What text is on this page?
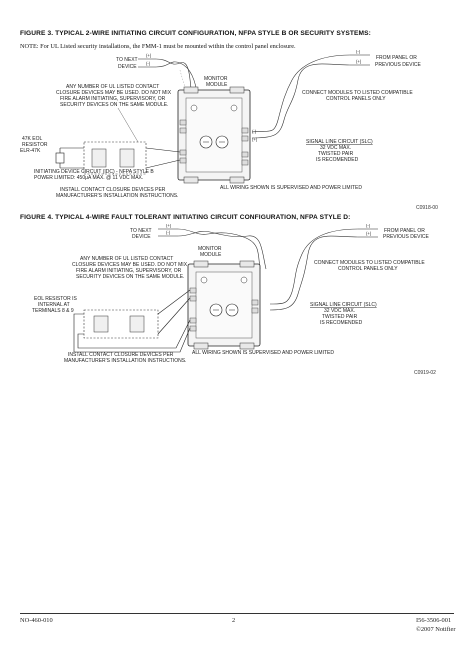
FIGURE 3. TYPICAL 2-WIRE INITIATING CIRCUIT CONFIGURATION, NFPA STYLE B OR SECURITY SYSTEMS:
NOTE: For UL Listed security installations, the FMM-1 must be mounted within the control panel enclosure.
(+)
(-)
TO NEXT
DEVICE
(-)
(+)
FROM PANEL OR
PREVIOUS DEVICE
(-)
(+)
MONITOR
MODULE
47K EOL
RESISTOR
ELR-47K
ANY NUMBER OF UL LISTED CONTACT
CLOSURE DEVICES MAY BE USED. DO NOT MIX
FIRE ALARM INITIATING, SUPERVISORY, OR
SECURITY DEVICES ON THE SAME MODULE.
INITIATING DEVICE CIRCUIT (IDC) - NFPA STYLE B
POWER LIMITED: 450μA MAX. @ 11 VDC MAX.
INSTALL CONTACT CLOSURE DEVICES PER
MANUFACTURER'S INSTALLATION INSTRUCTIONS.
CONNECT MODULES TO LISTED COMPATIBLE
CONTROL PANELS ONLY
SIGNAL LINE CIRCUIT (SLC)
32 VDC MAX.
TWISTED PAIR
IS RECOMENDED
ALL WIRING SHOWN IS SUPERVISED AND POWER LIMITED
C0918-00
FIGURE 4. TYPICAL 4-WIRE FAULT TOLERANT INITIATING CIRCUIT CONFIGURATION, NFPA STYLE D:
(+)
(-)
TO NEXT
DEVICE
(-)
(+)	FROM PANEL OR
PREVIOUS DEVICE
MONITOR
MODULE
EOL RESISTOR IS
INTERNAL AT
TERMINALS 8 & 9
ANY NUMBER OF UL LISTED CONTACT
CLOSURE DEVICES MAY BE USED. DO NOT MIX
FIRE ALARM INITIATING, SUPERVISORY, OR
SECURITY DEVICES ON THE SAME MODULE.
INSTALL CONTACT CLOSURE DEVICES PER
MANUFACTURER'S INSTALLATION INSTRUCTIONS.
CONNECT MODULES TO LISTED COMPATIBLE
CONTROL PANELS ONLY
SIGNAL LINE CIRCUIT (SLC)
32 VDC MAX.
TWISTED PAIR
IS RECOMENDED
ALL WIRING SHOWN IS SUPERVISED AND POWER LIMITED
C0919-02
NO-460-010	2	I56-3506-001
©2007 Notifier
